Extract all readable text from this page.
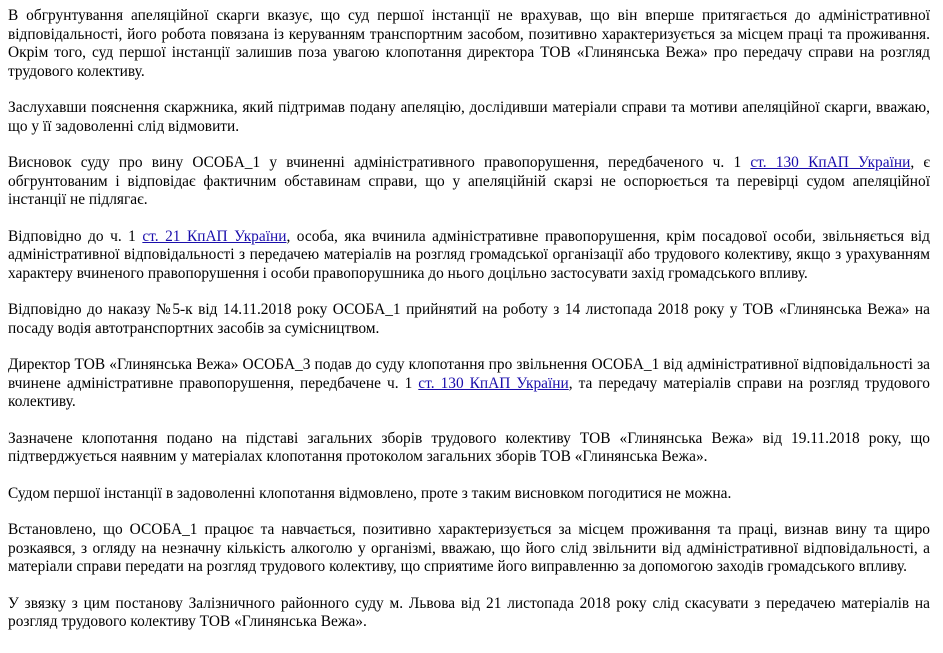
В обгрунтування апеляційної скарги вказує, що суд першої інстанції не врахував, що він вперше притягається до адміністративної відповідальності, його робота повязана із керуванням транспортним засобом, позитивно характеризується за місцем праці та проживання. Окрім того, суд першої інстанції залишив поза увагою клопотання директора ТОВ «Глинянська Вежа» про передачу справи на розгляд трудового колективу.

Заслухавши пояснення скаржника, який підтримав подану апеляцію, дослідивши матеріали справи та мотиви апеляційної скарги, вважаю, що у її задоволенні слід відмовити.

Висновок суду про вину ОСОБА_1 у вчиненні адміністративного правопорушення, передбаченого ч. 1 ст. 130 КпАП України, є обгрунтованим і відповідає фактичним обставинам справи, що у апеляційній скарзі не оспорюється та перевірці судом апеляційної інстанції не підлягає.

Відповідно до ч. 1 ст. 21 КпАП України, особа, яка вчинила адміністративне правопорушення, крім посадової особи, звільняється від адміністративної відповідальності з передачею матеріалів на розгляд громадської організації або трудового колективу, якщо з урахуванням характеру вчиненого правопорушення і особи правопорушника до нього доцільно застосувати захід громадського впливу.

Відповідно до наказу №5-к від 14.11.2018 року ОСОБА_1 прийнятий на роботу з 14 листопада 2018 року у ТОВ «Глинянська Вежа» на посаду водія автотранспортних засобів за сумісництвом.

Директор ТОВ «Глинянська Вежа» ОСОБА_3 подав до суду клопотання про звільнення ОСОБА_1 від адміністративної відповідальності за вчинене адміністративне правопорушення, передбачене ч. 1 ст. 130 КпАП України, та передачу матеріалів справи на розгляд трудового колективу.

Зазначене клопотання подано на підставі загальних зборів трудового колективу ТОВ «Глинянська Вежа» від 19.11.2018 року, що підтверджується наявним у матеріалах клопотання протоколом загальних зборів ТОВ «Глинянська Вежа».

Судом першої інстанції в задоволенні клопотання відмовлено, проте з таким висновком погодитися не можна.

Встановлено, що ОСОБА_1 працює та навчається, позитивно характеризується за місцем проживання та праці, визнав вину та щиро розкаявся, з огляду на незначну кількість алкоголю у організмі, вважаю, що його слід звільнити від адміністративної відповідальності, а матеріали справи передати на розгляд трудового колективу, що сприятиме його виправленню за допомогою заходів громадського впливу.

У звязку з цим постанову Залізничного районного суду м. Львова від 21 листопада 2018 року слід скасувати з передачею матеріалів на розгляд трудового колективу ТОВ «Глинянська Вежа».
